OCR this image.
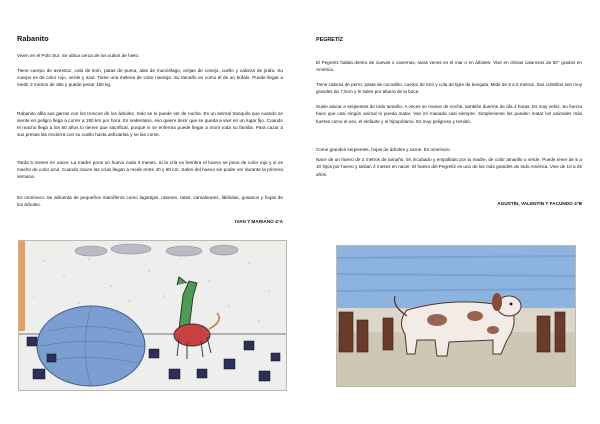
Rabanito

Viven en el Polo Sur. Se ubica cerca de los cubos de hielo.

Tiene cuerpo de avestruz, cola de león, patas de puma, alas de murciélago, orejas de conejo, cuello y cabeza de jirafa. Su cuerpo es de color rojo, verde y azul. Tiene una melena de color naranja. Su tamaño es como el de un búfalo. Puede llegar a medir 3 metros de alto y puede pesar 180 kg.

Rabanito afila sus garras con los troncos de los árboles. Solo se lo puede ver de noche. Es un animal tranquilo que cuando se siente en peligro llega a correr a 150 km por hora. Es sedentario, eso quiere decir que se queda a vivir en un lugar fijo. Cuando el macho llega a los 50 años lo tienen que sacrificar, porque si se enferma puede llegar a morir toda su familia. Para cazar a sus presas las encierra con su cuello hasta asfixiarlas y se las come.

Tarda 5 meses en nacer. La madre pone un huevo cada 3 meses. Si la cría es hembra el huevo se pone de color rojo y si es macho de color azul. Cuando nacen las crías llegan a medir entre 40 y 60 cm. Salen del huevo sin poder ver durante la primera semana.

Es omnívoro. Se alimenta de pequeños mamíferos como lagartijas, ratones, ratas, camaleones, libélulas, gusanos y hojas de los árboles.

IVAN Y MARIANO 4°A
PEGRETÍZ

El Pegretíz habita dentro de cuevas o cavernas, raras veces en el mar o en árboles. Vive en climas calurosos de 50° grados en América.

Tiene cabeza de perro, patas de cocodrilo, cuerpo de toro y cola de tigre de bengala. Mide de 2 a 5 metros. Sus colmillos son muy grandes de 7,5cm y le salen por afuera de la boca.

Suele atacar a serpientes de todo tamaño. A veces se mueve de noche, también duerme de día 4 horas. Es muy veloz. Su fuerza hace que casi ningún animal lo pueda matar. Van en manada casi siempre. Simplemente los pueden matar los animales más fuertes como el oso, el elefante y el hipopótamo. Es muy peligroso y temido.

Come grandes serpientes, hojas de árboles y carne. Es omnívoro.

Nace de un huevo de 2 metros de tamaño. Es incubado y empollado por la madre, de color amarillo o verde. Puede tener de 5 a 10 hijos por huevo y tardan 2 meses en nacer. El huevo del Pegretíz es uno de los más grandes de todo América. Vive de 10 a 25 años.

AGUSTÍN, VALENTÍN Y FACUNDO 4°B
